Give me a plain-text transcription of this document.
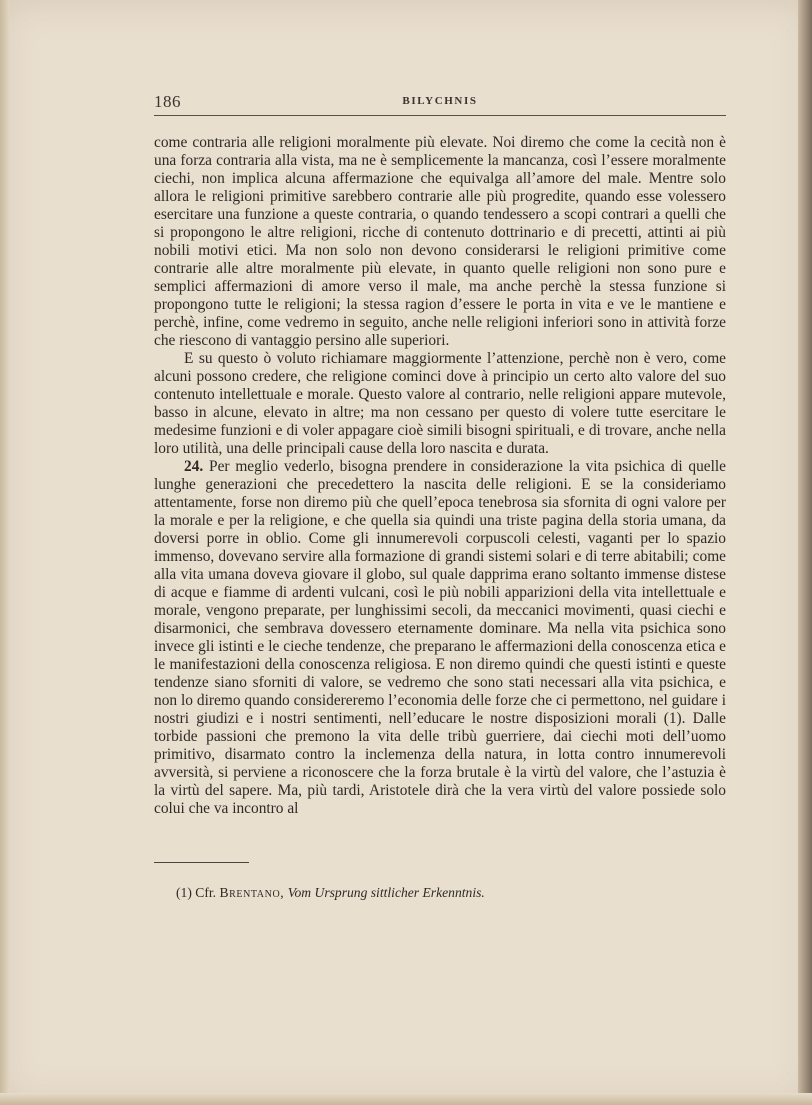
186	BILYCHNIS

come contraria alle religioni moralmente più elevate. Noi diremo che come la cecità non è una forza contraria alla vista, ma ne è semplicemente la mancanza, così l’essere moralmente ciechi, non implica alcuna affermazione che equivalga all’amore del male. Mentre solo allora le religioni primitive sarebbero contrarie alle più progredite, quando esse volessero esercitare una funzione a queste contraria, o quando tendessero a scopi contrari a quelli che si propongono le altre religioni, ricche di contenuto dottrinario e di precetti, attinti ai più nobili motivi etici. Ma non solo non devono considerarsi le religioni primitive come contrarie alle altre moralmente più elevate, in quanto quelle religioni non sono pure e semplici affermazioni di amore verso il male, ma anche perchè la stessa funzione si propongono tutte le religioni; la stessa ragion d’essere le porta in vita e ve le mantiene e perchè, infine, come vedremo in seguito, anche nelle religioni inferiori sono in attività forze che riescono di vantaggio persino alle superiori.

E su questo ò voluto richiamare maggiormente l’attenzione, perchè non è vero, come alcuni possono credere, che religione cominci dove à principio un certo alto valore del suo contenuto intellettuale e morale. Questo valore al contrario, nelle religioni appare mutevole, basso in alcune, elevato in altre; ma non cessano per questo di volere tutte esercitare le medesime funzioni e di voler appagare cioè simili bisogni spirituali, e di trovare, anche nella loro utilità, una delle principali cause della loro nascita e durata.

24. Per meglio vederlo, bisogna prendere in considerazione la vita psichica di quelle lunghe generazioni che precedettero la nascita delle religioni. E se la consideriamo attentamente, forse non diremo più che quell’epoca tenebrosa sia sfornita di ogni valore per la morale e per la religione, e che quella sia quindi una triste pagina della storia umana, da doversi porre in oblio. Come gli innumerevoli corpuscoli celesti, vaganti per lo spazio immenso, dovevano servire alla formazione di grandi sistemi solari e di terre abitabili; come alla vita umana doveva giovare il globo, sul quale dapprima erano soltanto immense distese di acque e fiamme di ardenti vulcani, così le più nobili apparizioni della vita intellettuale e morale, vengono preparate, per lunghissimi secoli, da meccanici movimenti, quasi ciechi e disarmonici, che sembrava dovessero eternamente dominare. Ma nella vita psichica sono invece gli istinti e le cieche tendenze, che preparano le affermazioni della conoscenza etica e le manifestazioni della conoscenza religiosa. E non diremo quindi che questi istinti e queste tendenze siano sforniti di valore, se vedremo che sono stati necessari alla vita psichica, e non lo diremo quando considereremo l’economia delle forze che ci permettono, nel guidare i nostri giudizi e i nostri sentimenti, nell’educare le nostre disposizioni morali (1). Dalle torbide passioni che premono la vita delle tribù guerriere, dai ciechi moti dell’uomo primitivo, disarmato contro la inclemenza della natura, in lotta contro innumerevoli avversità, si perviene a riconoscere che la forza brutale è la virtù del valore, che l’astuzia è la virtù del sapere. Ma, più tardi, Aristotele dirà che la vera virtù del valore possiede solo colui che va incontro al

(1) Cfr. Brentano, Vom Ursprung sittlicher Erkenntnis.
